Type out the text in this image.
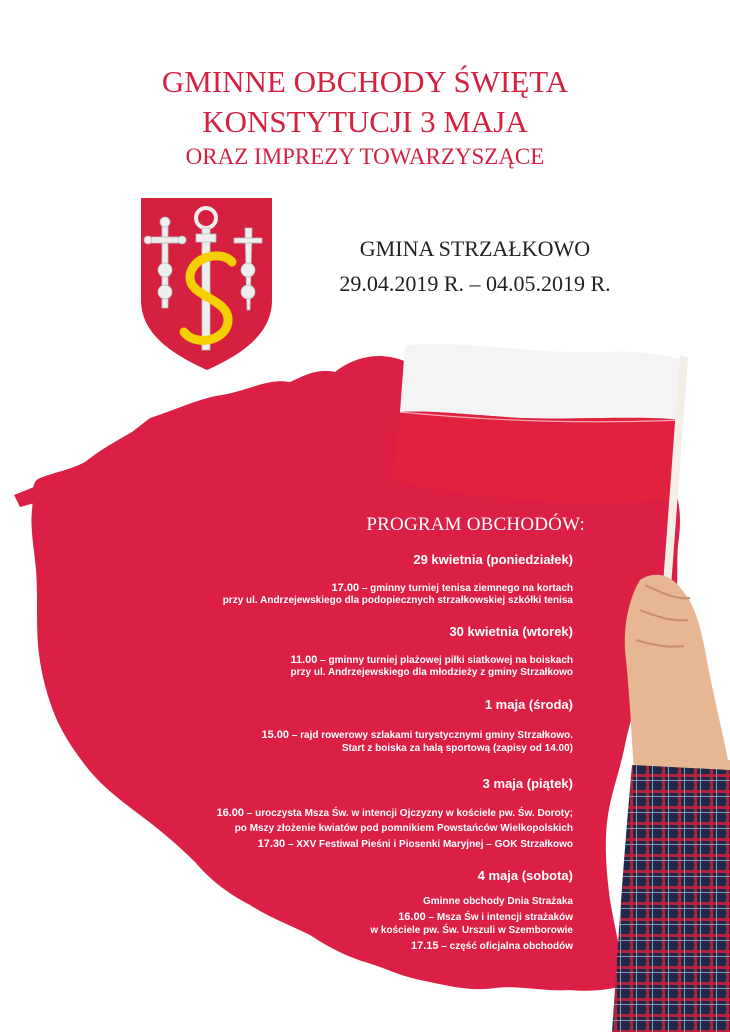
GMINNE OBCHODY ŚWIĘTA
KONSTYTUCJI 3 MAJA
ORAZ IMPREZY TOWARZYSZĄCE
GMINA STRZAŁKOWO
29.04.2019 R. – 04.05.2019 R.
PROGRAM OBCHODÓW:
29 kwietnia (poniedziałek)
17.00 – gminny turniej tenisa ziemnego na kortach
przy ul. Andrzejewskiego dla podopiecznych strzałkowskiej szkółki tenisa
30 kwietnia (wtorek)
11.00 – gminny turniej plażowej piłki siatkowej na boiskach
przy ul. Andrzejewskiego dla młodzieży z gminy Strzałkowo
1 maja (środa)
15.00 – rajd rowerowy szlakami turystycznymi gminy Strzałkowo.
Start z boiska za halą sportową (zapisy od 14.00)
3 maja (piątek)
16.00 – uroczysta Msza Św. w intencji Ojczyzny w kościele pw. Św. Doroty;
po Mszy złożenie kwiatów pod pomnikiem Powstańców Wielkopolskich
17.30 – XXV Festiwal Pieśni i Piosenki Maryjnej – GOK Strzałkowo
4 maja (sobota)
Gminne obchody Dnia Strażaka
16.00 – Msza Św i intencji strażaków
w kościele pw. Św. Urszuli w Szemborowie
17.15 – część oficjalna obchodów
